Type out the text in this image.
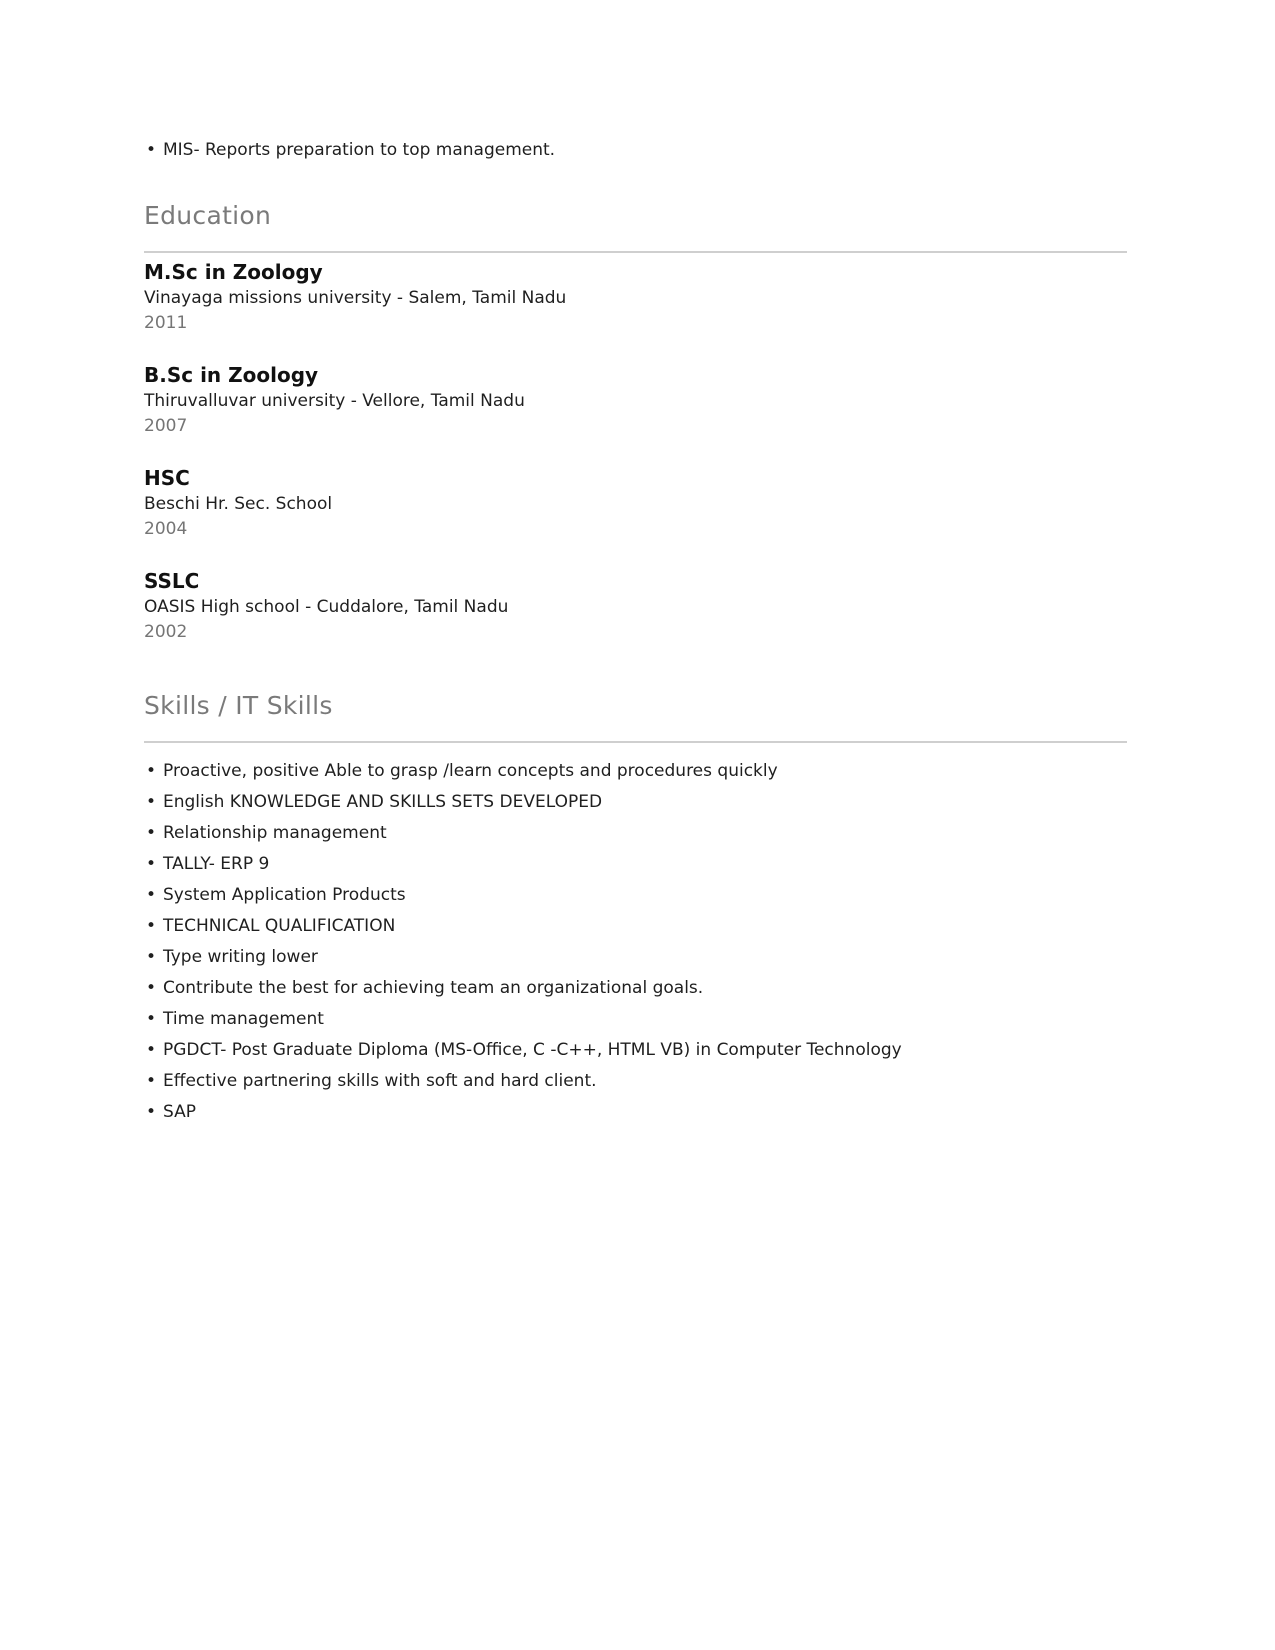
• MIS- Reports preparation to top management.
Education

M.Sc in Zoology

Vinayaga missions university - Salem, Tamil Nadu

2011

B.Sc in Zoology

Thiruvalluvar university - Vellore, Tamil Nadu

2007

HSC

Beschi Hr. Sec. School

2004

SSLC

OASIS High school - Cuddalore, Tamil Nadu

2002

Skills / IT Skills
• Proactive, positive Able to grasp /learn concepts and procedures quickly
• English KNOWLEDGE AND SKILLS SETS DEVELOPED
• Relationship management
• TALLY- ERP 9
• System Application Products
• TECHNICAL QUALIFICATION
• Type writing lower
• Contribute the best for achieving team an organizational goals.
• Time management
• PGDCT- Post Graduate Diploma (MS-Office, C -C++, HTML VB) in Computer Technology
• Effective partnering skills with soft and hard client.
• SAP
